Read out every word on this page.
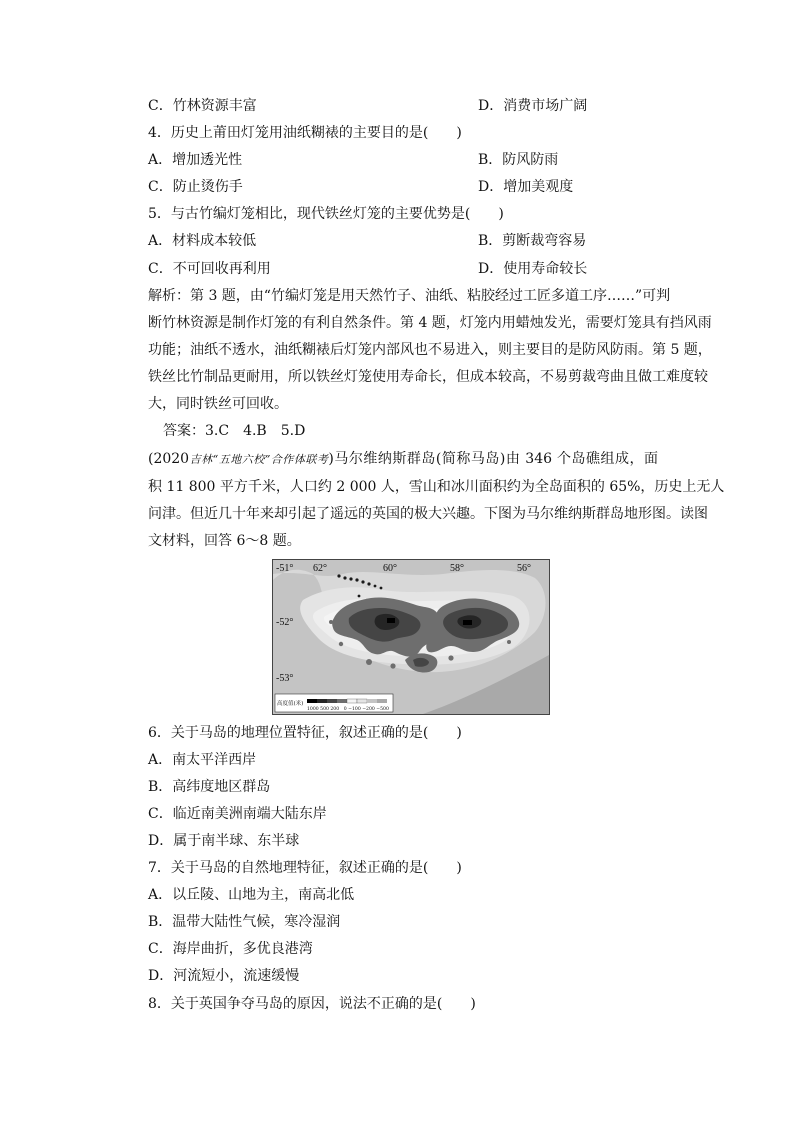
C．竹林资源丰富	D．消费市场广阔
4．历史上莆田灯笼用油纸糊裱的主要目的是(　　)
A．增加透光性	B．防风防雨
C．防止烫伤手	D．增加美观度
5．与古竹编灯笼相比，现代铁丝灯笼的主要优势是(　　)
A．材料成本较低	B．剪断裁弯容易
C．不可回收再利用	D．使用寿命较长
解析：第 3 题，由“竹编灯笼是用天然竹子、油纸、粘胶经过工匠多道工序……”可判
断竹林资源是制作灯笼的有利自然条件。第 4 题，灯笼内用蜡烛发光，需要灯笼具有挡风雨
功能；油纸不透水，油纸糊裱后灯笼内部风也不易进入，则主要目的是防风防雨。第 5 题，
铁丝比竹制品更耐用，所以铁丝灯笼使用寿命长，但成本较高，不易剪裁弯曲且做工难度较
大，同时铁丝可回收。
答案：3.C　4.B　5.D
(2020吉林“五地六校”合作体联考)马尔维纳斯群岛(简称马岛)由 346 个岛礁组成，面
积 11 800 平方千米，人口约 2 000 人，雪山和冰川面积约为全岛面积的 65%，历史上无人
问津。但近几十年来却引起了遥远的英国的极大兴趣。下图为马尔维纳斯群岛地形图。读图
文材料，回答 6～8 题。
62°	60°	58°	56°
-51°
-52°
-53°
高度值(米)
1000 500 200　0 −100 −200 −500
6．关于马岛的地理位置特征，叙述正确的是(　　)
A．南太平洋西岸
B．高纬度地区群岛
C．临近南美洲南端大陆东岸
D．属于南半球、东半球
7．关于马岛的自然地理特征，叙述正确的是(　　)
A．以丘陵、山地为主，南高北低
B．温带大陆性气候，寒冷湿润
C．海岸曲折，多优良港湾
D．河流短小，流速缓慢
8．关于英国争夺马岛的原因，说法不正确的是(　　)
